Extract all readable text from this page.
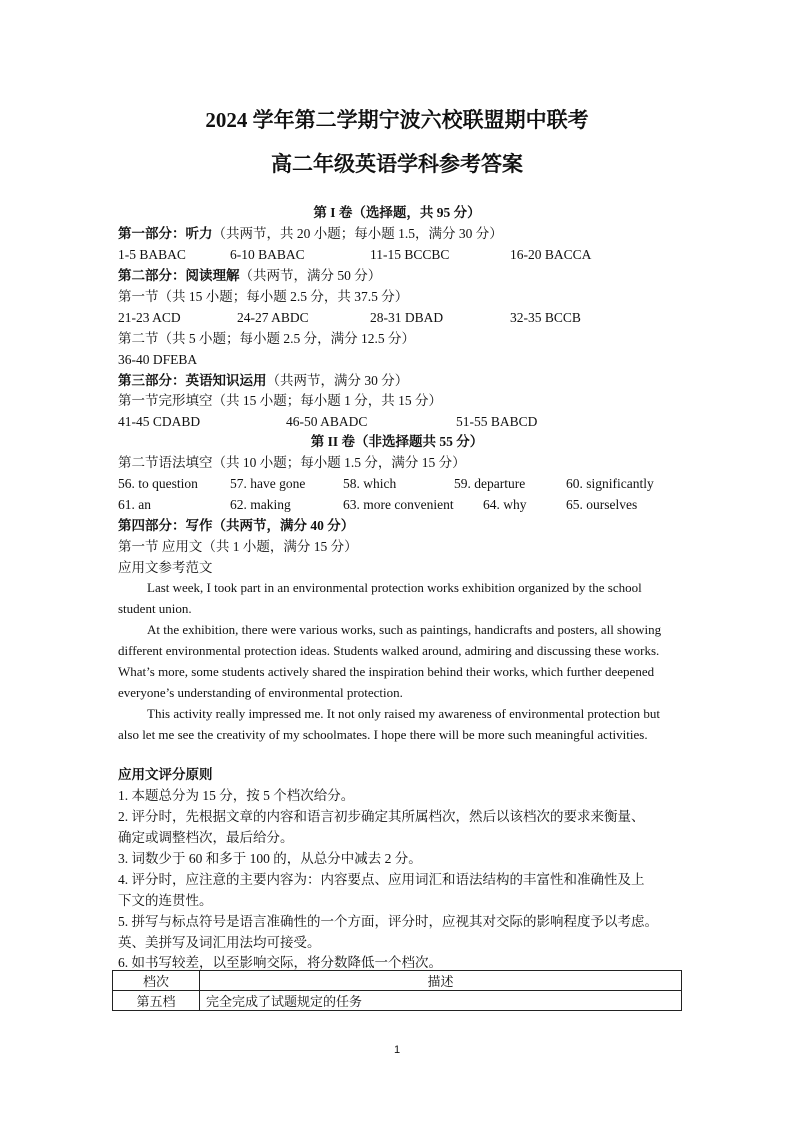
2024 学年第二学期宁波六校联盟期中联考
高二年级英语学科参考答案
第 I 卷（选择题，共 95 分）
第一部分：听力（共两节，共 20 小题；每小题 1.5，满分 30 分）
1-5 BABAC	6-10 BABAC	11-15 BCCBC	16-20 BACCA
第二部分：阅读理解（共两节，满分 50 分）
第一节（共 15 小题；每小题 2.5 分，共 37.5 分）
21-23 ACD	24-27 ABDC	28-31 DBAD	32-35 BCCB
第二节（共 5 小题；每小题 2.5 分，满分 12.5 分）
36-40 DFEBA
第三部分：英语知识运用（共两节，满分 30 分）
第一节完形填空（共 15 小题；每小题 1 分，共 15 分）
41-45 CDABD	46-50 ABADC	51-55 BABCD
第 II 卷（非选择题共 55 分）
第二节语法填空（共 10 小题；每小题 1.5 分，满分 15 分）
56. to question 57. have gone	58. which	59. departure	60. significantly
61. an	62. making	63. more convenient 64. why	65. ourselves
第四部分：写作（共两节，满分 40 分）
第一节 应用文（共 1 小题，满分 15 分）
应用文参考范文

Last week, I took part in an environmental protection works exhibition organized by the school student union.

At the exhibition, there were various works, such as paintings, handicrafts and posters, all showing different environmental protection ideas. Students walked around, admiring and discussing these works. What’s more, some students actively shared the inspiration behind their works, which further deepened everyone’s understanding of environmental protection.

This activity really impressed me. It not only raised my awareness of environmental protection but also let me see the creativity of my schoolmates. I hope there will be more such meaningful activities.

应用文评分原则
1. 本题总分为 15 分，按 5 个档次给分。
2. 评分时，先根据文章的内容和语言初步确定其所属档次，然后以该档次的要求来衡量、
确定或调整档次，最后给分。
3. 词数少于 60 和多于 100 的，从总分中减去 2 分。
4. 评分时，应注意的主要内容为：内容要点、应用词汇和语法结构的丰富性和准确性及上
下文的连贯性。
5. 拼写与标点符号是语言准确性的一个方面，评分时，应视其对交际的影响程度予以考虑。
英、美拼写及词汇用法均可接受。
6. 如书写较差，以至影响交际，将分数降低一个档次。
档次	描述
第五档	完全完成了试题规定的任务
1
